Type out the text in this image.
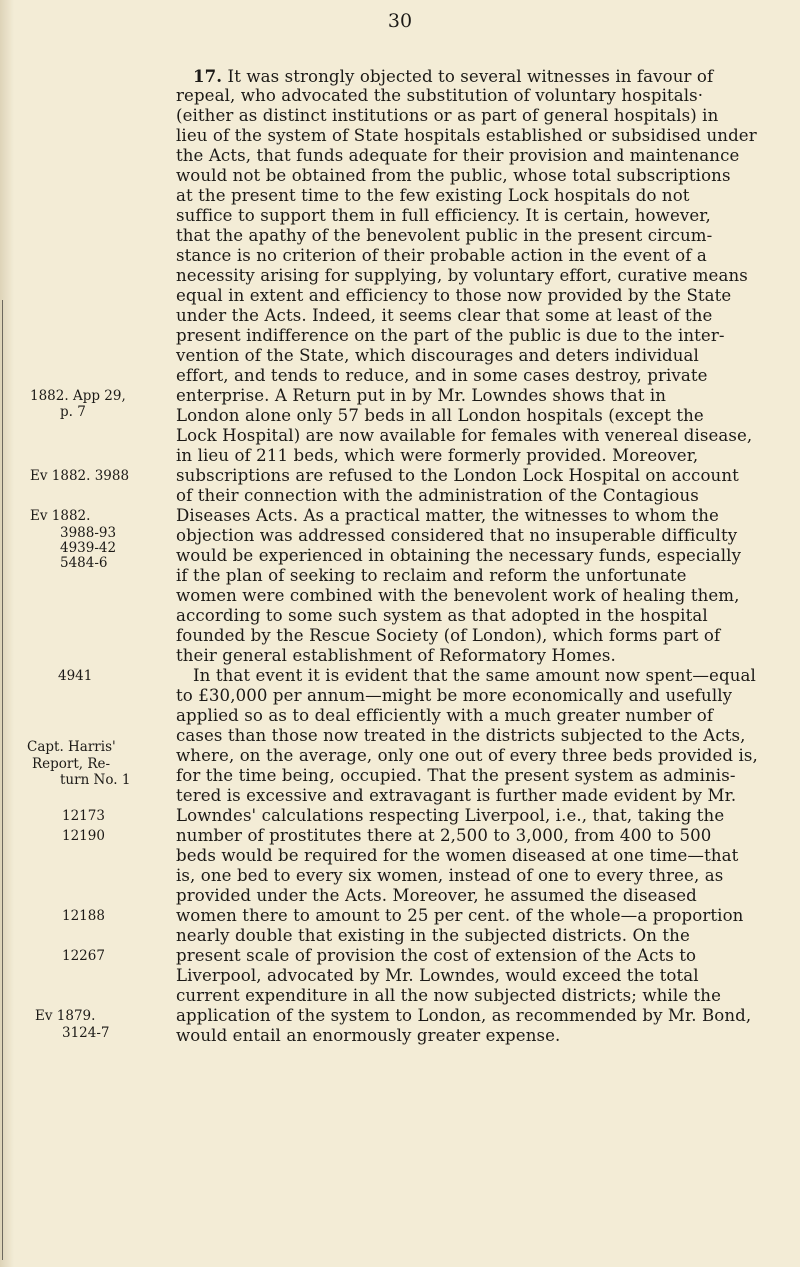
30
17. It was strongly objected to several witnesses in favour of
repeal, who advocated the substitution of voluntary hospitals·
(either as distinct institutions or as part of general hospitals) in
lieu of the system of State hospitals established or subsidised under
the Acts, that funds adequate for their provision and maintenance
would not be obtained from the public, whose total subscriptions
at the present time to the few existing Lock hospitals do not
suffice to support them in full efficiency. It is certain, however,
that the apathy of the benevolent public in the present circum-
stance is no criterion of their probable action in the event of a
necessity arising for supplying, by voluntary effort, curative means
equal in extent and efficiency to those now provided by the State
under the Acts. Indeed, it seems clear that some at least of the
present indifference on the part of the public is due to the inter-
vention of the State, which discourages and deters individual
effort, and tends to reduce, and in some cases destroy, private
enterprise. A Return put in by Mr. Lowndes shows that in
London alone only 57 beds in all London hospitals (except the
Lock Hospital) are now available for females with venereal disease,
in lieu of 211 beds, which were formerly provided. Moreover,
subscriptions are refused to the London Lock Hospital on account
of their connection with the administration of the Contagious
Diseases Acts. As a practical matter, the witnesses to whom the
objection was addressed considered that no insuperable difficulty
would be experienced in obtaining the necessary funds, especially
if the plan of seeking to reclaim and reform the unfortunate
women were combined with the benevolent work of healing them,
according to some such system as that adopted in the hospital
founded by the Rescue Society (of London), which forms part of
their general establishment of Reformatory Homes.
In that event it is evident that the same amount now spent—equal
to £30,000 per annum—might be more economically and usefully
applied so as to deal efficiently with a much greater number of
cases than those now treated in the districts subjected to the Acts,
where, on the average, only one out of every three beds provided is,
for the time being, occupied. That the present system as adminis-
tered is excessive and extravagant is further made evident by Mr.
Lowndes' calculations respecting Liverpool, i.e., that, taking the
number of prostitutes there at 2,500 to 3,000, from 400 to 500
beds would be required for the women diseased at one time—that
is, one bed to every six women, instead of one to every three, as
provided under the Acts. Moreover, he assumed the diseased
women there to amount to 25 per cent. of the whole—a proportion
nearly double that existing in the subjected districts. On the
present scale of provision the cost of extension of the Acts to
Liverpool, advocated by Mr. Lowndes, would exceed the total
current expenditure in all the now subjected districts; while the
application of the system to London, as recommended by Mr. Bond,
would entail an enormously greater expense.
1882. App 29,
p. 7
Ev 1882. 3988
Ev 1882.
3988-93
4939-42
5484-6
4941
Capt. Harris'
Report, Re-
turn No. 1
12173
12190
12188
12267
Ev 1879.
3124-7
